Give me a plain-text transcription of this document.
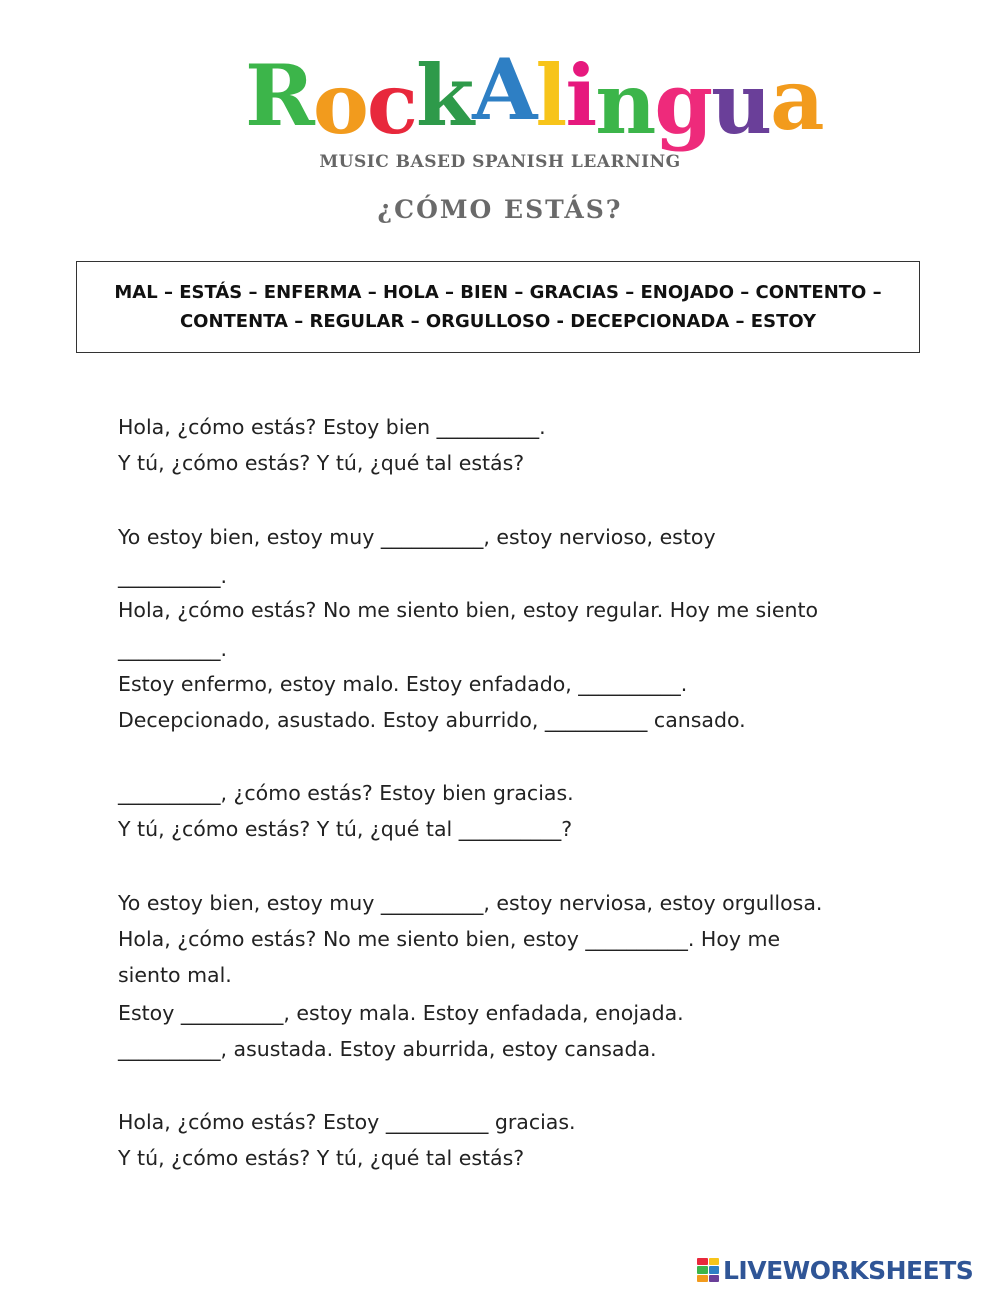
R o c k A l i n g u a
MUSIC BASED SPANISH LEARNING
¿CÓMO ESTÁS?
MAL – ESTÁS – ENFERMA – HOLA – BIEN – GRACIAS – ENOJADO – CONTENTO – CONTENTA – REGULAR – ORGULLOSO - DECEPCIONADA – ESTOY
Hola, ¿cómo estás? Estoy bien __________.
Y tú, ¿cómo estás? Y tú, ¿qué tal estás?
Yo estoy bien, estoy muy __________, estoy nervioso, estoy
__________.
Hola, ¿cómo estás? No me siento bien, estoy regular. Hoy me siento
__________.
Estoy enfermo, estoy malo. Estoy enfadado, __________.
Decepcionado, asustado. Estoy aburrido, __________ cansado.
__________, ¿cómo estás? Estoy bien gracias.
Y tú, ¿cómo estás? Y tú, ¿qué tal __________?
Yo estoy bien, estoy muy __________, estoy nerviosa, estoy orgullosa.
Hola, ¿cómo estás? No me siento bien, estoy __________. Hoy me
siento mal.
Estoy __________, estoy mala. Estoy enfadada, enojada.
__________, asustada. Estoy aburrida, estoy cansada.
Hola, ¿cómo estás? Estoy __________ gracias.
Y tú, ¿cómo estás? Y tú, ¿qué tal estás?
LIVEWORKSHEETS
